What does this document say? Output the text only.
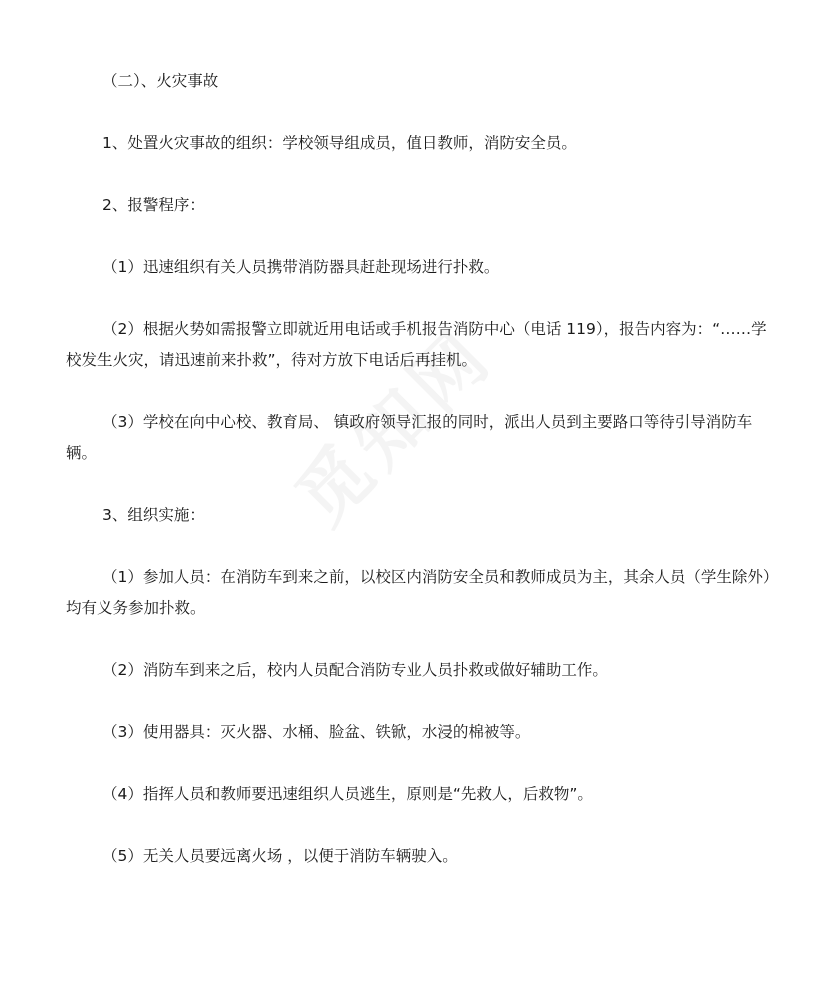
（二）、火灾事故

1、处置火灾事故的组织：学校领导组成员，值日教师，消防安全员。

2、报警程序：

（1）迅速组织有关人员携带消防器具赶赴现场进行扑救。

（2）根据火势如需报警立即就近用电话或手机报告消防中心（电话 119），报告内容为：“……学校发生火灾，请迅速前来扑救”，待对方放下电话后再挂机。

（3）学校在向中心校、教育局、 镇政府领导汇报的同时，派出人员到主要路口等待引导消防车辆。

3、组织实施：

（1）参加人员：在消防车到来之前，以校区内消防安全员和教师成员为主，其余人员（学生除外）均有义务参加扑救。

（2）消防车到来之后，校内人员配合消防专业人员扑救或做好辅助工作。

（3）使用器具：灭火器、水桶、脸盆、铁锨，水浸的棉被等。

（4）指挥人员和教师要迅速组织人员逃生，原则是“先救人，后救物”。

（5）无关人员要远离火场 ，以便于消防车辆驶入。
